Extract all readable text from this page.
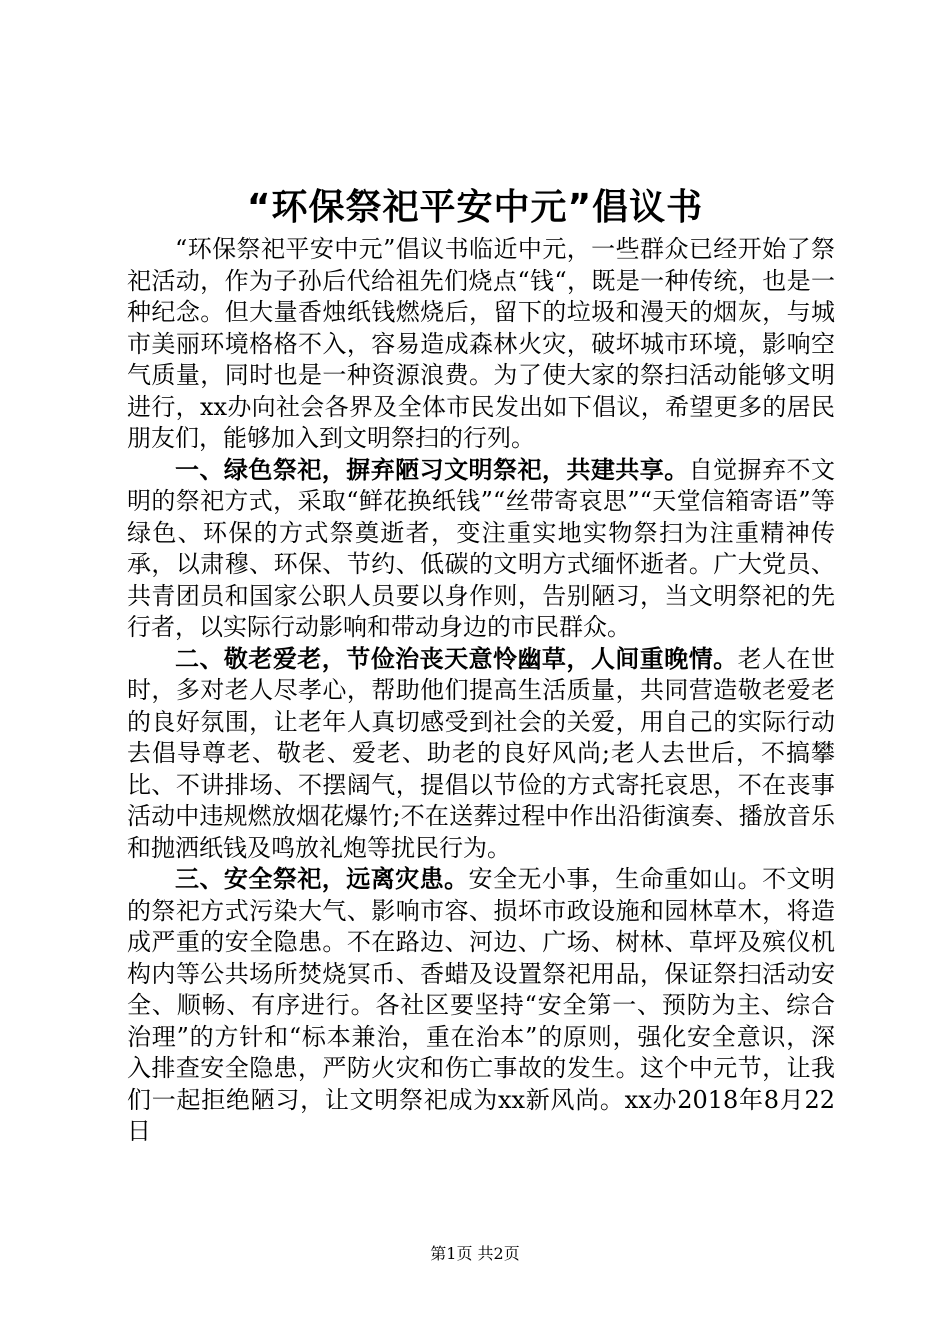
“环保祭祀平安中元”倡议书

“环保祭祀平安中元”倡议书临近中元，一些群众已经开始了祭祀活动，作为子孙后代给祖先们烧点“钱“，既是一种传统，也是一种纪念。但大量香烛纸钱燃烧后，留下的垃圾和漫天的烟灰，与城市美丽环境格格不入，容易造成森林火灾，破坏城市环境，影响空气质量，同时也是一种资源浪费。为了使大家的祭扫活动能够文明进行，xx办向社会各界及全体市民发出如下倡议，希望更多的居民朋友们，能够加入到文明祭扫的行列。

一、绿色祭祀，摒弃陋习文明祭祀，共建共享。自觉摒弃不文明的祭祀方式，采取“鲜花换纸钱”“丝带寄哀思”“天堂信箱寄语”等绿色、环保的方式祭奠逝者，变注重实地实物祭扫为注重精神传承，以肃穆、环保、节约、低碳的文明方式缅怀逝者。广大党员、共青团员和国家公职人员要以身作则，告别陋习，当文明祭祀的先行者，以实际行动影响和带动身边的市民群众。

二、敬老爱老，节俭治丧天意怜幽草，人间重晚情。老人在世时，多对老人尽孝心，帮助他们提高生活质量，共同营造敬老爱老的良好氛围，让老年人真切感受到社会的关爱，用自己的实际行动去倡导尊老、敬老、爱老、助老的良好风尚;老人去世后，不搞攀比、不讲排场、不摆阔气，提倡以节俭的方式寄托哀思，不在丧事活动中违规燃放烟花爆竹;不在送葬过程中作出沿街演奏、播放音乐和抛洒纸钱及鸣放礼炮等扰民行为。

三、安全祭祀，远离灾患。安全无小事，生命重如山。不文明的祭祀方式污染大气、影响市容、损坏市政设施和园林草木，将造成严重的安全隐患。不在路边、河边、广场、树林、草坪及殡仪机构内等公共场所焚烧冥币、香蜡及设置祭祀用品，保证祭扫活动安全、顺畅、有序进行。各社区要坚持“安全第一、预防为主、综合治理”的方针和“标本兼治，重在治本”的原则，强化安全意识，深入排查安全隐患，严防火灾和伤亡事故的发生。这个中元节，让我们一起拒绝陋习，让文明祭祀成为xx新风尚。xx办2018年8月22日

第1页 共2页
